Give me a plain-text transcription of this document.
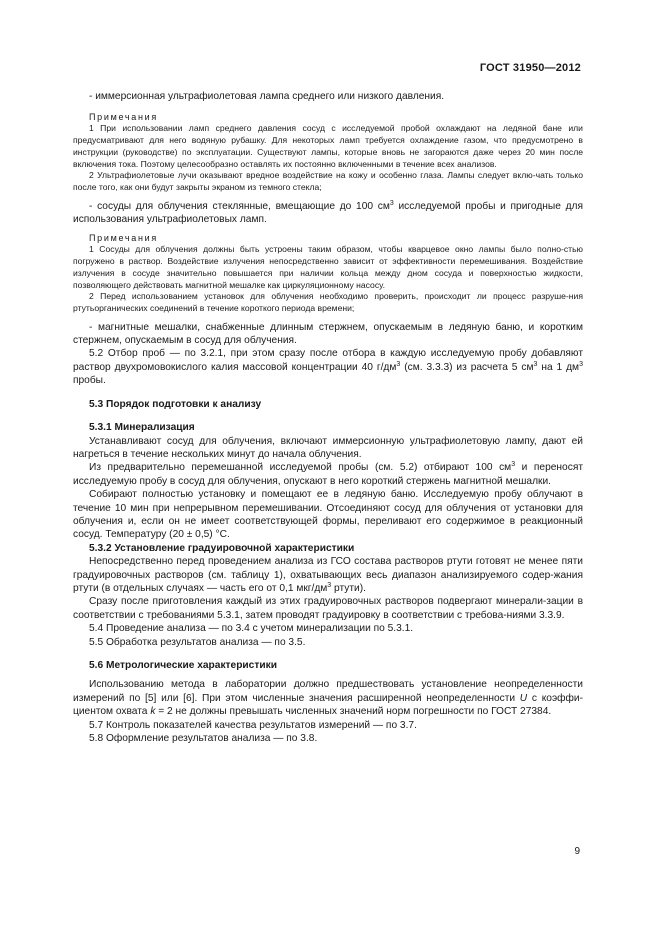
ГОСТ 31950—2012

- иммерсионная ультрафиолетовая лампа среднего или низкого давления.

Примечания

1 При использовании ламп среднего давления сосуд с исследуемой пробой охлаждают на ледяной бане или предусматривают для него водяную рубашку. Для некоторых ламп требуется охлаждение газом, что предусмотрено в инструкции (руководстве) по эксплуатации. Существуют лампы, которые вновь не загораются даже через 20 мин после включения тока. Поэтому целесообразно оставлять их постоянно включенными в течение всех анализов.

2 Ультрафиолетовые лучи оказывают вредное воздействие на кожу и особенно глаза. Лампы следует вклю-чать только после того, как они будут закрыты экраном из темного стекла;

- сосуды для облучения стеклянные, вмещающие до 100 $см^3$ исследуемой пробы и пригодные для использования ультрафиолетовых ламп.

Примечания

1 Сосуды для облучения должны быть устроены таким образом, чтобы кварцевое окно лампы было полно-стью погружено в раствор. Воздействие излучения непосредственно зависит от эффективности перемешивания. Воздействие излучения в сосуде значительно повышается при наличии кольца между дном сосуда и поверхностью жидкости, позволяющего действовать магнитной мешалке как циркуляционному насосу.

2 Перед использованием установок для облучения необходимо проверить, происходит ли процесс разруше-ния ртутьорганических соединений в течение короткого периода времени;

- магнитные мешалки, снабженные длинным стержнем, опускаемым в ледяную баню, и коротким стержнем, опускаемым в сосуд для облучения.

5.2 Отбор проб — по 3.2.1, при этом сразу после отбора в каждую исследуемую пробу добавляют раствор двухромовокислого калия массовой концентрации 40 $г/дм^3$ (см. 3.3.3) из расчета 5 $см^3$ на 1 $дм^3$ пробы.

5.3 Порядок подготовки к анализу

5.3.1 Минерализация

Устанавливают сосуд для облучения, включают иммерсионную ультрафиолетовую лампу, дают ей нагреться в течение нескольких минут до начала облучения.

Из предварительно перемешанной исследуемой пробы (см. 5.2) отбирают 100 $см^3$ и переносят исследуемую пробу в сосуд для облучения, опускают в него короткий стержень магнитной мешалки.

Собирают полностью установку и помещают ее в ледяную баню. Исследуемую пробу облучают в течение 10 мин при непрерывном перемешивании. Отсоединяют сосуд для облучения от установки для облучения и, если он не имеет соответствующей формы, переливают его содержимое в реакционный сосуд. Температуру (20 ± 0,5) °С.

5.3.2 Установление градуировочной характеристики

Непосредственно перед проведением анализа из ГСО состава растворов ртути готовят не менее пяти градуировочных растворов (см. таблицу 1), охватывающих весь диапазон анализируемого содер-жания ртути (в отдельных случаях — часть его от 0,1 мкг/$дм^3$ ртути).

Сразу после приготовления каждый из этих градуировочных растворов подвергают минерали-зации в соответствии с требованиями 5.3.1, затем проводят градуировку в соответствии с требова-ниями 3.3.9.

5.4 Проведение анализа — по 3.4 с учетом минерализации по 5.3.1.

5.5 Обработка результатов анализа — по 3.5.

5.6 Метрологические характеристики

Использованию метода в лаборатории должно предшествовать установление неопределенности измерений по [5] или [6]. При этом численные значения расширенной неопределенности U с коэффи-циентом охвата k = 2 не должны превышать численных значений норм погрешности по ГОСТ 27384.

5.7 Контроль показателей качества результатов измерений — по 3.7.

5.8 Оформление результатов анализа — по 3.8.

9
